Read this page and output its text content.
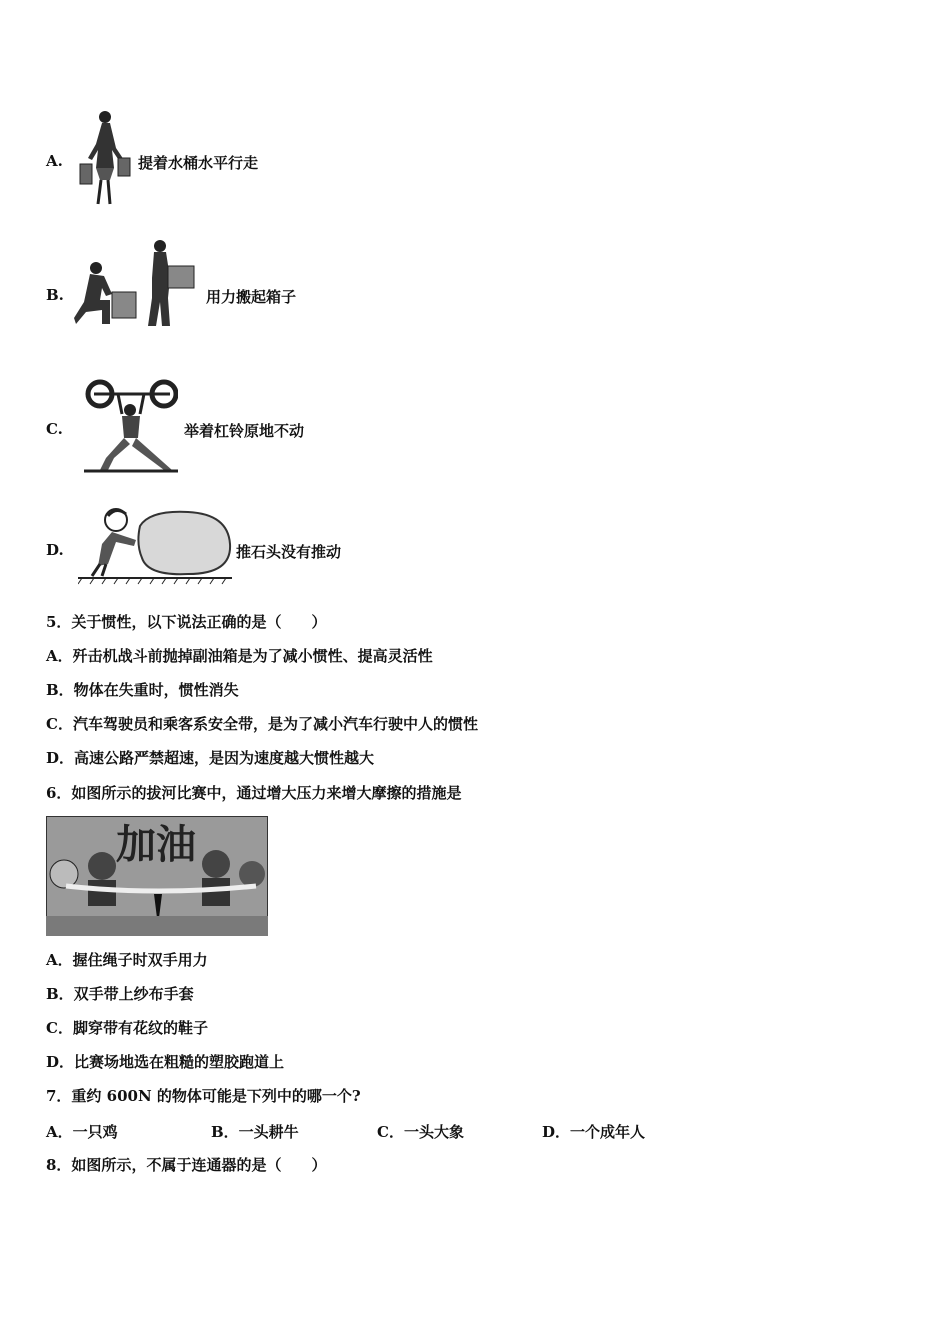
A.	提着水桶水平行走
B.	用力搬起箱子
C.	举着杠铃原地不动
D.	推石头没有推动
5．关于惯性，以下说法正确的是（　　）
A．歼击机战斗前抛掉副油箱是为了减小惯性、提高灵活性
B．物体在失重时，惯性消失
C．汽车驾驶员和乘客系安全带，是为了减小汽车行驶中人的惯性
D．高速公路严禁超速，是因为速度越大惯性越大
6．如图所示的拔河比赛中，通过增大压力来增大摩擦的措施是
加油
A．握住绳子时双手用力
B．双手带上纱布手套
C．脚穿带有花纹的鞋子
D．比赛场地选在粗糙的塑胶跑道上
7．重约 600N 的物体可能是下列中的哪一个?
A．一只鸡	B．一头耕牛	C．一头大象	D．一个成年人
8．如图所示，不属于连通器的是（　　）
